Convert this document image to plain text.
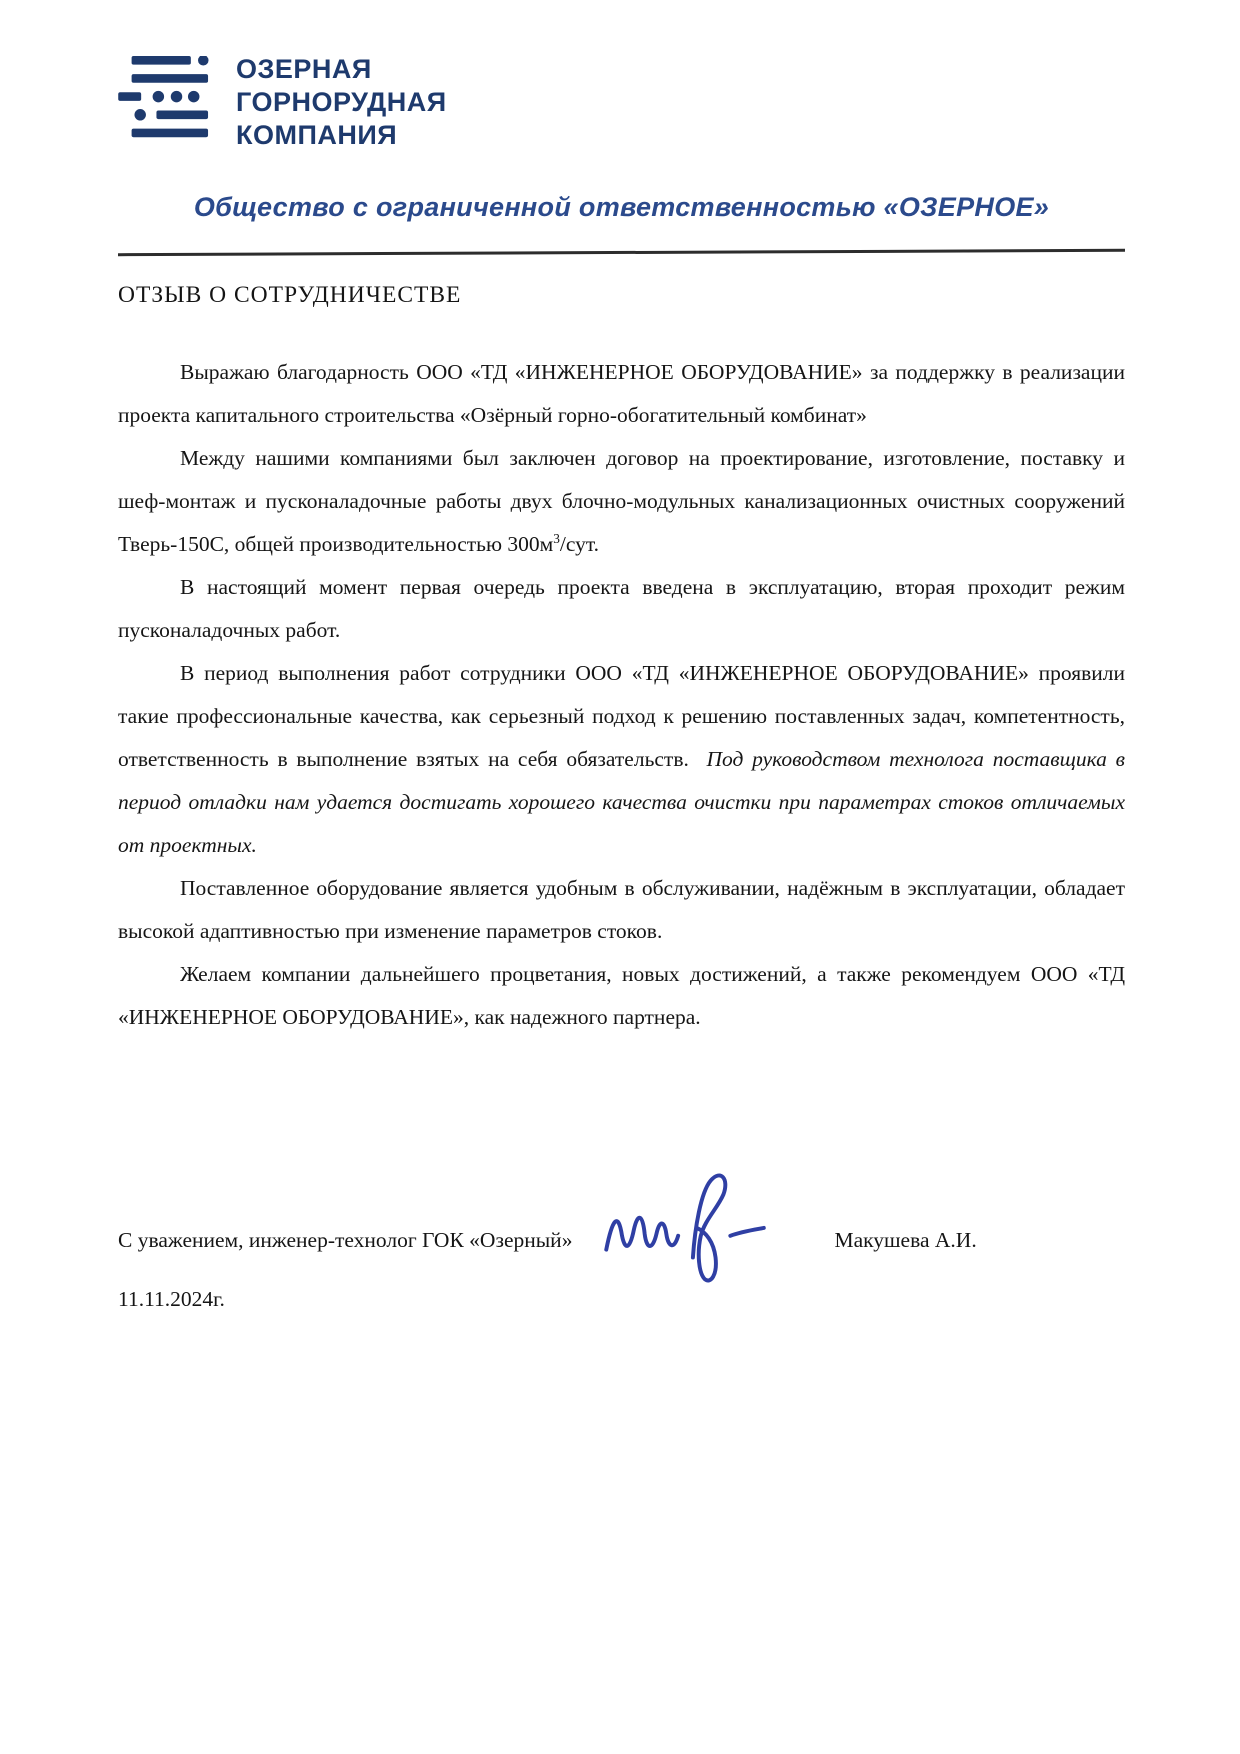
ОЗЕРНАЯ
ГОРНОРУДНАЯ
КОМПАНИЯ
Общество с ограниченной ответственностью «ОЗЕРНОЕ»
ОТЗЫВ О СОТРУДНИЧЕСТВЕ

Выражаю благодарность ООО «ТД «ИНЖЕНЕРНОЕ ОБОРУДОВАНИЕ» за поддержку в реализации проекта капитального строительства «Озёрный горно-обогатительный комбинат»

Между нашими компаниями был заключен договор на проектирование, изготовление, поставку и шеф-монтаж и пусконаладочные работы двух блочно-модульных канализационных очистных сооружений Тверь-150С, общей производительностью $300м^3$/сут.

В настоящий момент первая очередь проекта введена в эксплуатацию, вторая проходит режим пусконаладочных работ.

В период выполнения работ сотрудники ООО «ТД «ИНЖЕНЕРНОЕ ОБОРУДОВАНИЕ» проявили такие профессиональные качества, как серьезный подход к решению поставленных задач, компетентность, ответственность в выполнение взятых на себя обязательств.  Под руководством технолога поставщика в период отладки нам удается достигать хорошего качества очистки при параметрах стоков отличаемых от проектных.

Поставленное оборудование является удобным в обслуживании, надёжным в эксплуатации, обладает высокой адаптивностью при изменение параметров стоков.

Желаем компании дальнейшего процветания, новых достижений, а также рекомендуем ООО «ТД «ИНЖЕНЕРНОЕ ОБОРУДОВАНИЕ», как надежного партнера.

С уважением, инженер-технолог ГОК «Озерный»	Макушева А.И.
11.11.2024г.
